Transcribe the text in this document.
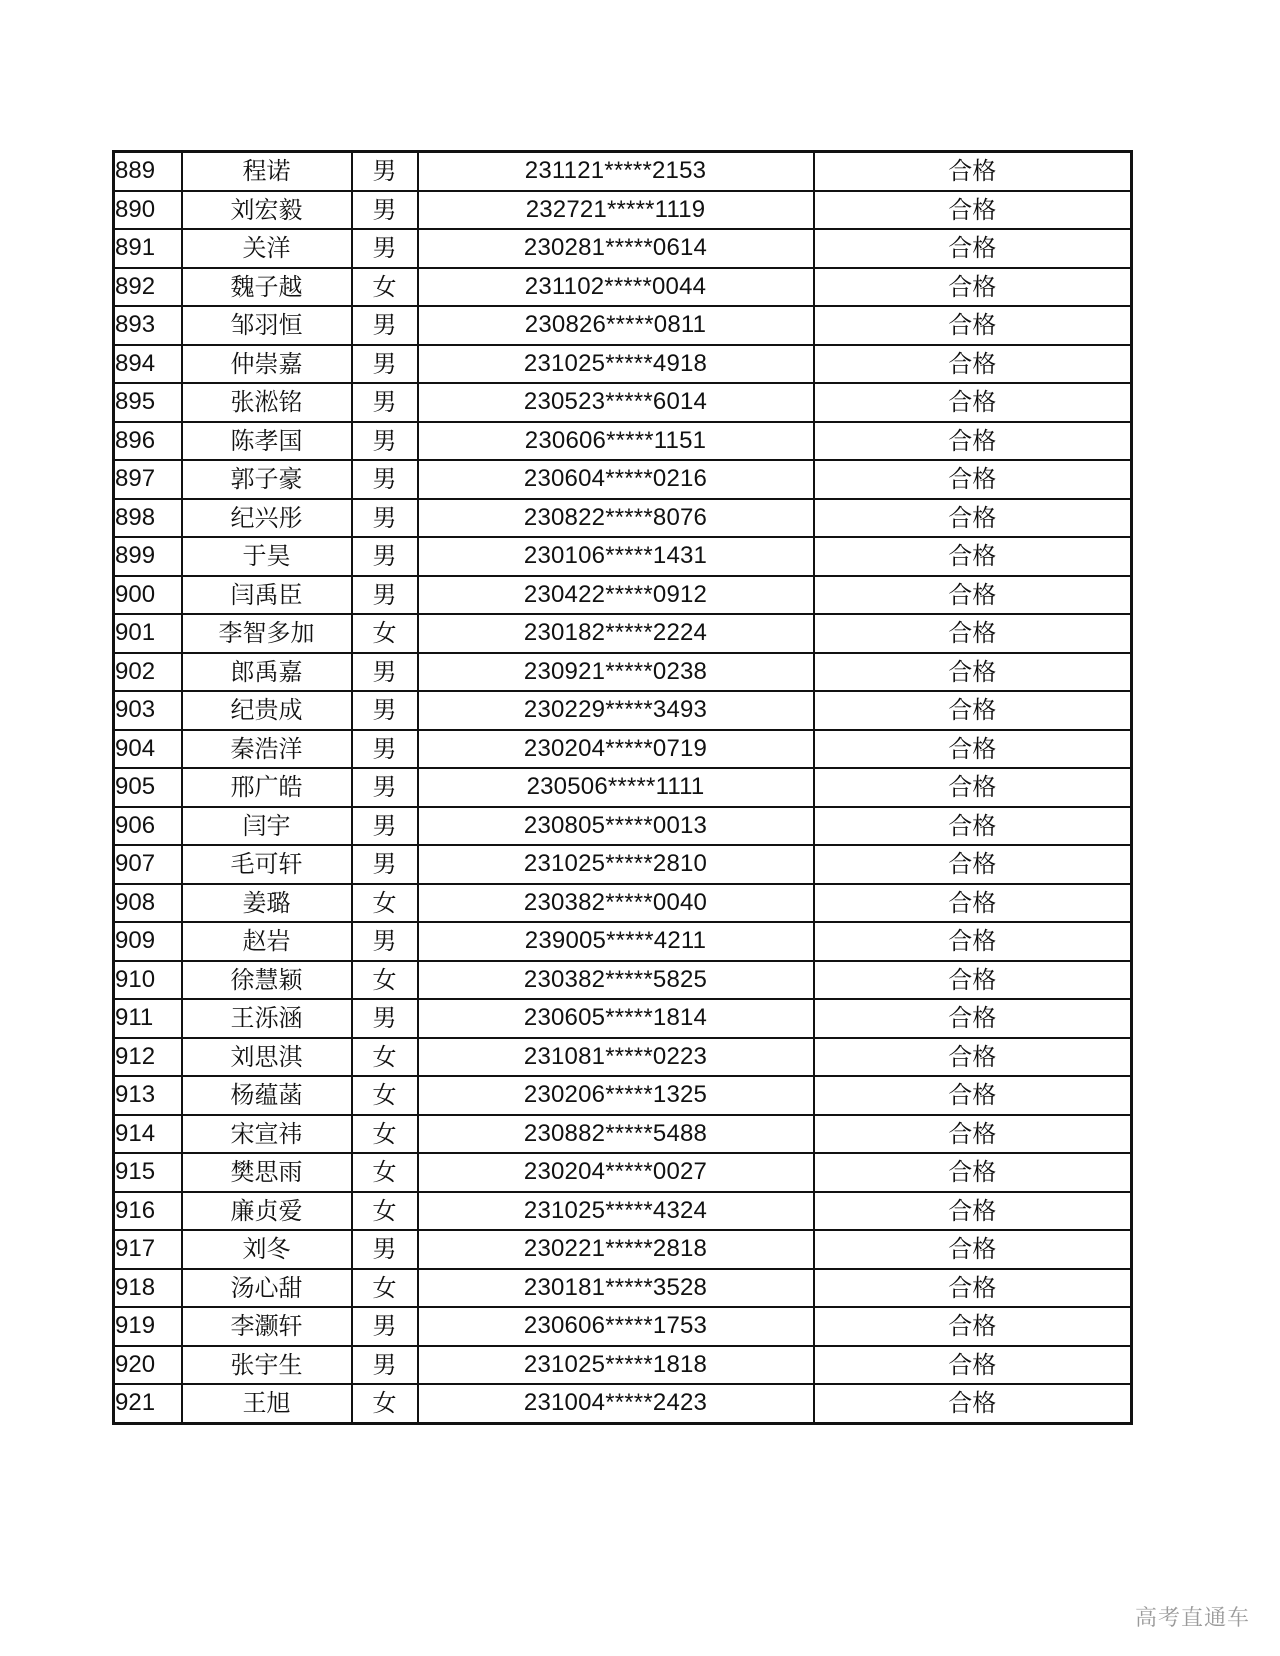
889	程诺	男	231121*****2153	合格
890	刘宏毅	男	232721*****1119	合格
891	关洋	男	230281*****0614	合格
892	魏子越	女	231102*****0044	合格
893	邹羽恒	男	230826*****0811	合格
894	仲崇嘉	男	231025*****4918	合格
895	张淞铭	男	230523*****6014	合格
896	陈孝国	男	230606*****1151	合格
897	郭子豪	男	230604*****0216	合格
898	纪兴彤	男	230822*****8076	合格
899	于昊	男	230106*****1431	合格
900	闫禹臣	男	230422*****0912	合格
901	李智多加	女	230182*****2224	合格
902	郎禹嘉	男	230921*****0238	合格
903	纪贵成	男	230229*****3493	合格
904	秦浩洋	男	230204*****0719	合格
905	邢广皓	男	230506*****1111	合格
906	闫宇	男	230805*****0013	合格
907	毛可轩	男	231025*****2810	合格
908	姜璐	女	230382*****0040	合格
909	赵岩	男	239005*****4211	合格
910	徐慧颖	女	230382*****5825	合格
911	王泺涵	男	230605*****1814	合格
912	刘思淇	女	231081*****0223	合格
913	杨蕴菡	女	230206*****1325	合格
914	宋宣祎	女	230882*****5488	合格
915	樊思雨	女	230204*****0027	合格
916	廉贞爱	女	231025*****4324	合格
917	刘冬	男	230221*****2818	合格
918	汤心甜	女	230181*****3528	合格
919	李灏轩	男	230606*****1753	合格
920	张宇生	男	231025*****1818	合格
921	王旭	女	231004*****2423	合格
高考直通车
